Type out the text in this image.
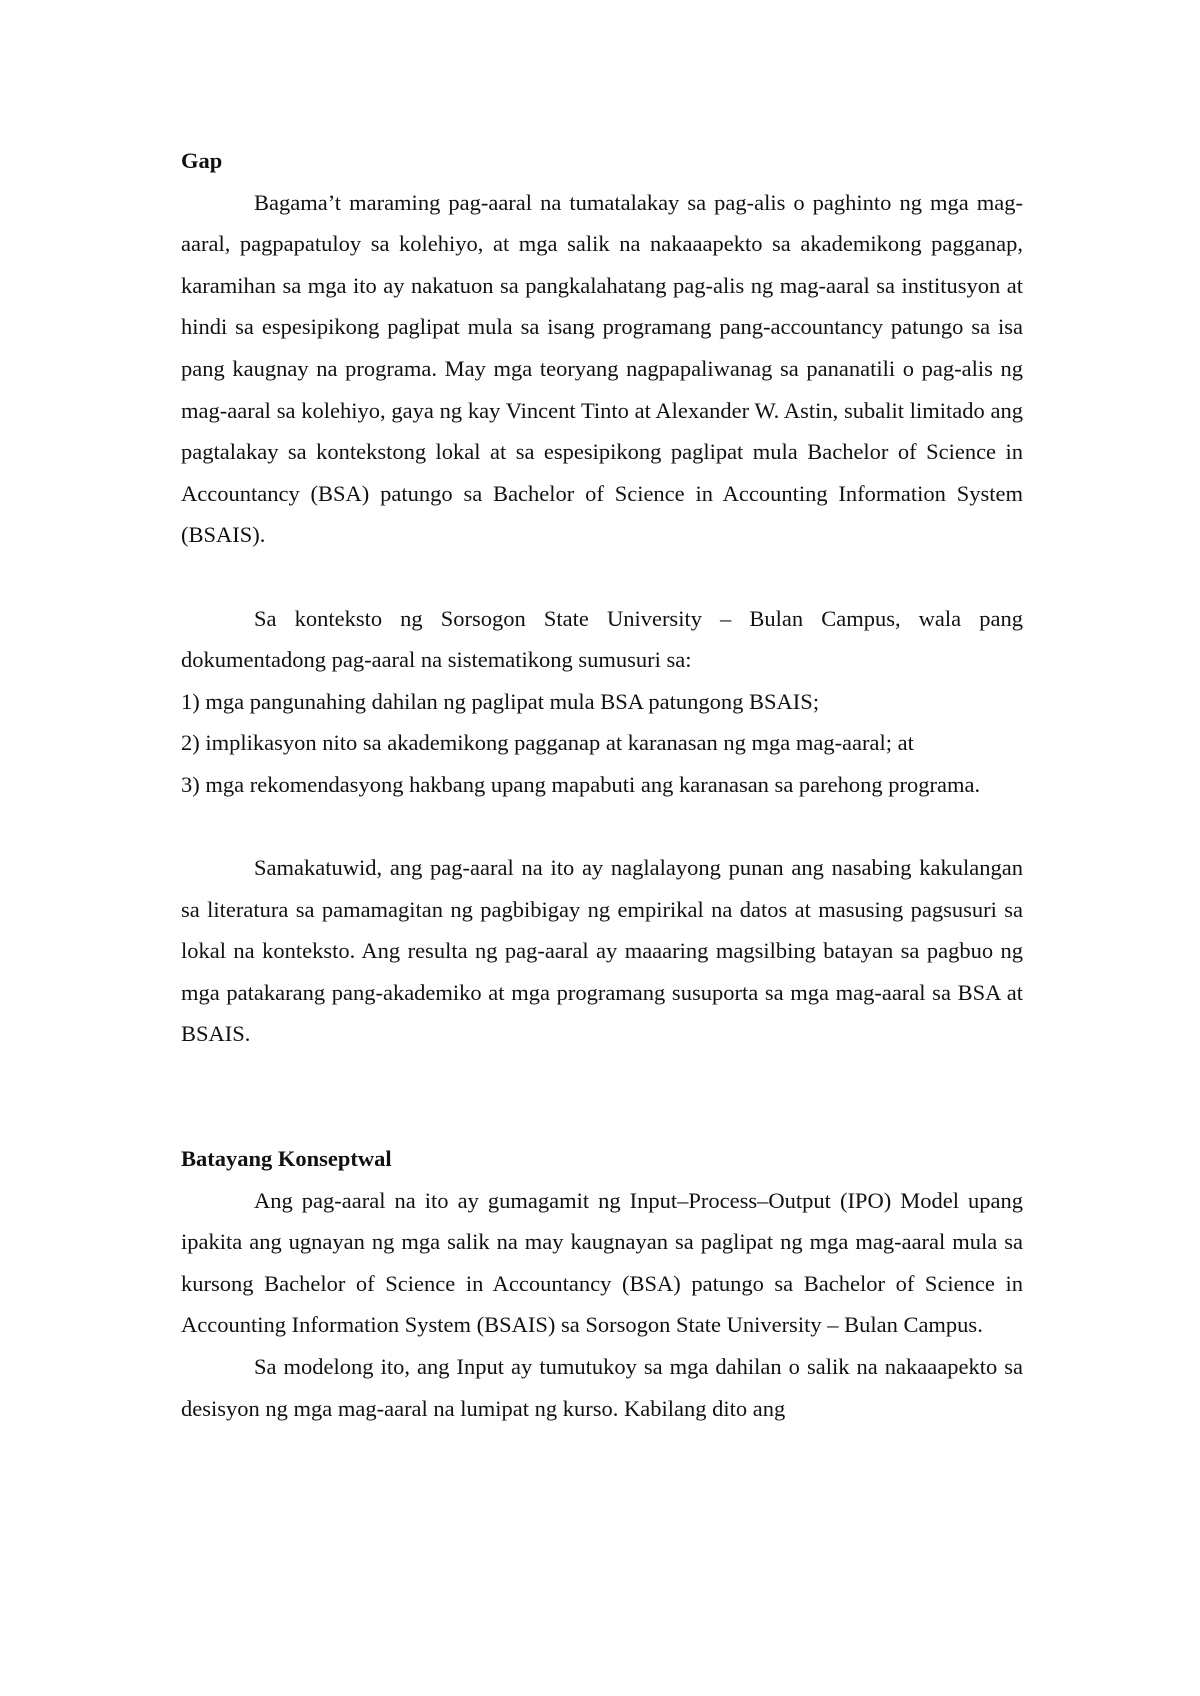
Gap

Bagama’t maraming pag-aaral na tumatalakay sa pag-alis o paghinto ng mga mag-aaral, pagpapatuloy sa kolehiyo, at mga salik na nakaaapekto sa akademikong pagganap, karamihan sa mga ito ay nakatuon sa pangkalahatang pag-alis ng mag-aaral sa institusyon at hindi sa espesipikong paglipat mula sa isang programang pang-accountancy patungo sa isa pang kaugnay na programa. May mga teoryang nagpapaliwanag sa pananatili o pag-alis ng mag-aaral sa kolehiyo, gaya ng kay Vincent Tinto at Alexander W. Astin, subalit limitado ang pagtalakay sa kontekstong lokal at sa espesipikong paglipat mula Bachelor of Science in Accountancy (BSA) patungo sa Bachelor of Science in Accounting Information System (BSAIS).

Sa konteksto ng Sorsogon State University – Bulan Campus, wala pang dokumentadong pag-aaral na sistematikong sumusuri sa:

1) mga pangunahing dahilan ng paglipat mula BSA patungong BSAIS;

2) implikasyon nito sa akademikong pagganap at karanasan ng mga mag-aaral; at

3) mga rekomendasyong hakbang upang mapabuti ang karanasan sa parehong programa.

Samakatuwid, ang pag-aaral na ito ay naglalayong punan ang nasabing kakulangan sa literatura sa pamamagitan ng pagbibigay ng empirikal na datos at masusing pagsusuri sa lokal na konteksto. Ang resulta ng pag-aaral ay maaaring magsilbing batayan sa pagbuo ng mga patakarang pang-akademiko at mga programang susuporta sa mga mag-aaral sa BSA at BSAIS.

Batayang Konseptwal

Ang pag-aaral na ito ay gumagamit ng Input–Process–Output (IPO) Model upang ipakita ang ugnayan ng mga salik na may kaugnayan sa paglipat ng mga mag-aaral mula sa kursong Bachelor of Science in Accountancy (BSA) patungo sa Bachelor of Science in Accounting Information System (BSAIS) sa Sorsogon State University – Bulan Campus.

Sa modelong ito, ang Input ay tumutukoy sa mga dahilan o salik na nakaaapekto sa desisyon ng mga mag-aaral na lumipat ng kurso. Kabilang dito ang
